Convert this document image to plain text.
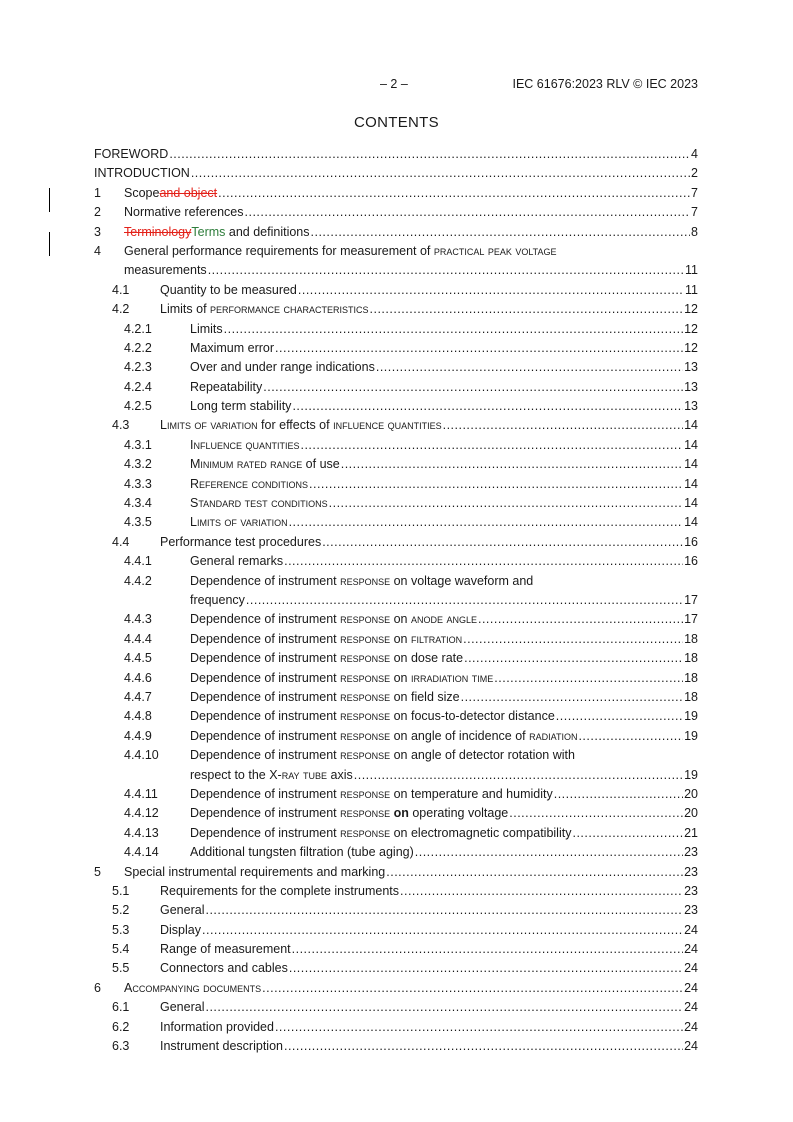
– 2 –	IEC 61676:2023 RLV © IEC 2023
CONTENTS
FOREWORD .....	4
INTRODUCTION .....	2
1 Scope and object .....	7
2 Normative references .....	7
3 Terminology Terms and definitions .....	8
4 General performance requirements for measurement of practical peak voltage
measurements .....	11
4.1 Quantity to be measured .....	11
4.2 Limits of performance characteristics .....	12
4.2.1	Limits .....	12
4.2.2	Maximum error .....	12
4.2.3	Over and under range indications .....	13
4.2.4	Repeatability .....	13
4.2.5	Long term stability .....	13
4.3 Limits of variation for effects of influence quantities .....	14
4.3.1	Influence quantities .....	14
4.3.2	Minimum rated range of use .....	14
4.3.3	Reference conditions .....	14
4.3.4	Standard test conditions .....	14
4.3.5	Limits of variation .....	14
4.4 Performance test procedures .....	16
4.4.1	General remarks .....	16
4.4.2	Dependence of instrument response on voltage waveform and
frequency .....	17
4.4.3	Dependence of instrument response on anode angle .....	17
4.4.4	Dependence of instrument response on filtration .....	18
4.4.5	Dependence of instrument response on dose rate .....	18
4.4.6	Dependence of instrument response on irradiation time .....	18
4.4.7	Dependence of instrument response on field size .....	18
4.4.8	Dependence of instrument response on focus-to-detector distance .....	19
4.4.9	Dependence of instrument response on angle of incidence of radiation .....	19
4.4.10 Dependence of instrument response on angle of detector rotation with
respect to the X- ray tube axis .....	19
4.4.11	Dependence of instrument response on temperature and humidity .....	20
4.4.12 Dependence of instrument response
on operating voltage .....	20
4.4.13 Dependence of instrument response on electromagnetic compatibility .....	21
4.4.14 Additional tungsten filtration (tube aging) .....	23
5 Special instrumental requirements and marking .....	23
5.1 Requirements for the complete instruments .....	23
5.2 General .....	23
5.3 Display .....	24
5.4 Range of measurement .....	24
5.5 Connectors and cables .....	24
6 Accompanying documents .....	24
6.1 General .....	24
6.2 Information provided .....	24
6.3 Instrument description .....	24
